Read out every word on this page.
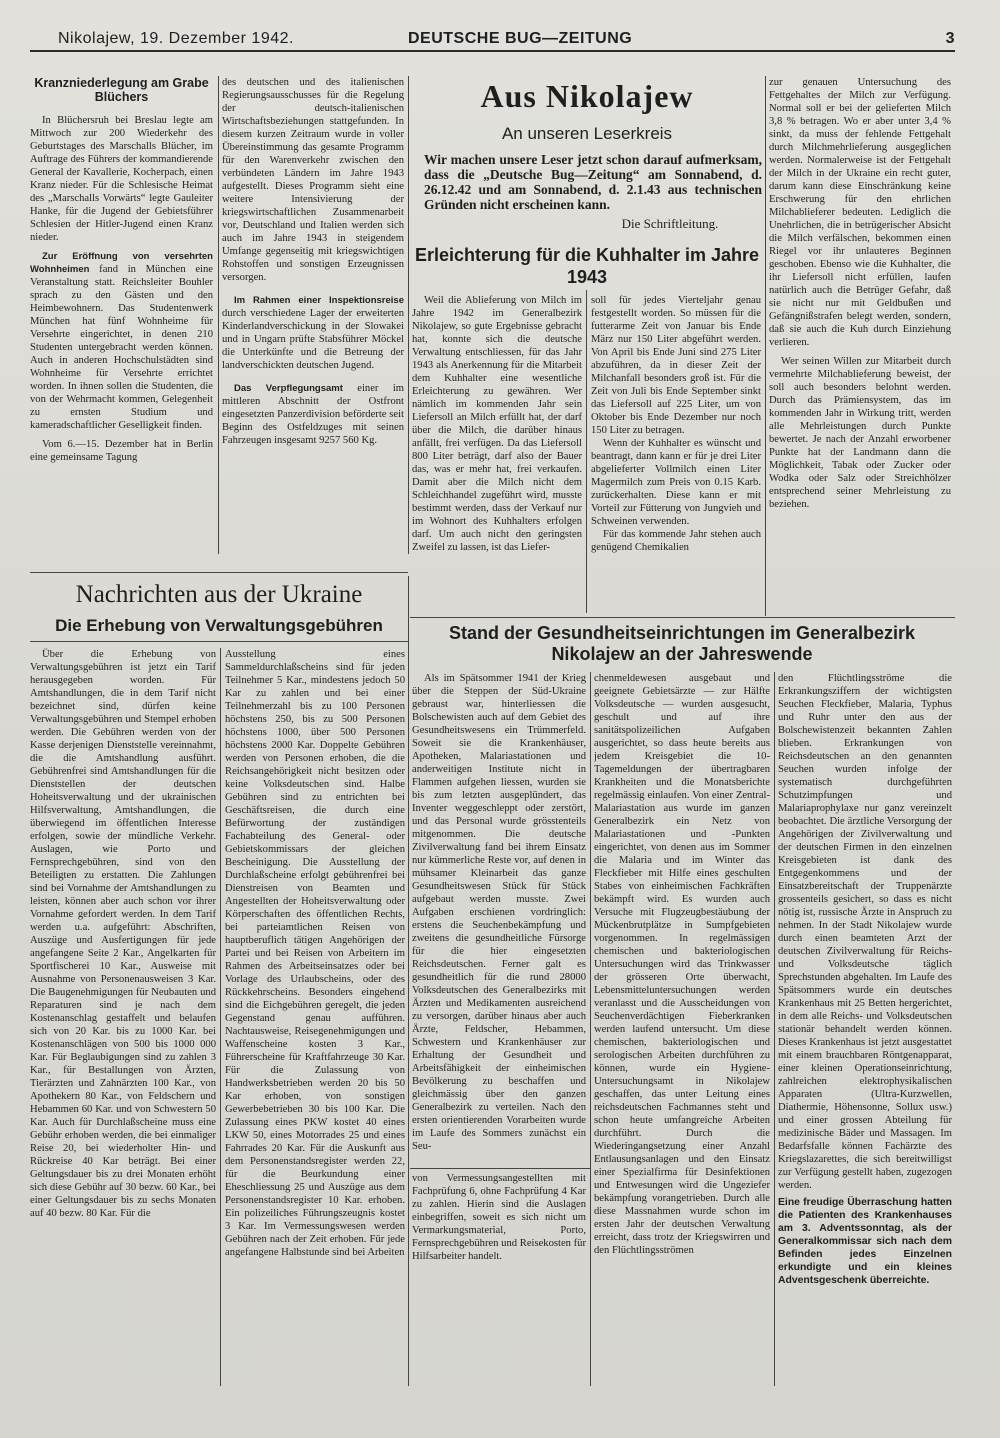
Nikolajew, 19. Dezember 1942.	DEUTSCHE BUG—ZEITUNG	3
Kranzniederlegung am Grabe Blüchers

In Blüchersruh bei Breslau legte am Mittwoch zur 200 Wiederkehr des Geburtstages des Marschalls Blücher, im Auftrage des Führers der kommandierende General der Kavallerie, Kocherpach, einen Kranz nieder. Für die Schlesische Heimat des „Marschalls Vorwärts“ legte Gauleiter Hanke, für die Jugend der Gebietsführer Schlesien der Hitler-Jugend einen Kranz nieder.

Zur Eröffnung von versehrten Wohnheimen fand in München eine Veranstaltung statt. Reichsleiter Bouhler sprach zu den Gästen und den Heimbewohnern. Das Studentenwerk München hat fünf Wohnheime für Versehrte eingerichtet, in denen 210 Studenten untergebracht werden können. Auch in anderen Hochschulstädten sind Wohnheime für Versehrte errichtet worden. In ihnen sollen die Studenten, die von der Wehrmacht kommen, Gelegenheit zu ernsten Studium und kameradschaftlicher Geselligkeit finden.

Vom 6.—15. Dezember hat in Berlin eine gemeinsame Tagung

des deutschen und des italienischen Regierungsausschusses für die Regelung der deutsch-italienischen Wirtschaftsbeziehungen stattgefunden. In diesem kurzen Zeitraum wurde in voller Übereinstimmung das gesamte Programm für den Warenverkehr zwischen den verbündeten Ländern im Jahre 1943 aufgestellt. Dieses Programm sieht eine weitere Intensivierung der kriegswirtschaftlichen Zusammenarbeit vor, Deutschland und Italien werden sich auch im Jahre 1943 in steigendem Umfange gegenseitig mit kriegswichtigen Rohstoffen und sonstigen Erzeugnissen versorgen.

Im Rahmen einer Inspektionsreise durch verschiedene Lager der erweiterten Kinderlandverschickung in der Slowakei und in Ungarn prüfte Stabsführer Möckel die Unterkünfte und die Betreung der landverschickten deutschen Jugend.

Das Verpflegungsamt einer im mittleren Abschnitt der Ostfront eingesetzten Panzerdivision beförderte seit Beginn des Ostfeldzuges mit seinen Fahrzeugen insgesamt 9257 560 Kg.

Aus Nikolajew
An unseren Leserkreis
Wir machen unsere Leser jetzt schon darauf aufmerksam, dass die „Deutsche Bug—Zeitung“ am Sonnabend, d. 26.12.42 und am Sonnabend, d. 2.1.43 aus technischen Gründen nicht erscheinen kann.
Die Schriftleitung.
Erleichterung für die Kuhhalter im Jahre 1943

Weil die Ablieferung von Milch im Jahre 1942 im Generalbezirk Nikolajew, so gute Ergebnisse gebracht hat, konnte sich die deutsche Verwaltung entschliessen, für das Jahr 1943 als Anerkennung für die Mitarbeit dem Kuhhalter eine wesentliche Erleichterung zu gewähren. Wer nämlich im kommenden Jahr sein Liefersoll an Milch erfüllt hat, der darf über die Milch, die darüber hinaus anfällt, frei verfügen. Da das Liefersoll 800 Liter beträgt, darf also der Bauer das, was er mehr hat, frei verkaufen. Damit aber die Milch nicht dem Schleichhandel zugeführt wird, musste bestimmt werden, dass der Verkauf nur im Wohnort des Kuhhalters erfolgen darf. Um auch nicht den geringsten Zweifel zu lassen, ist das Liefer-

soll für jedes Vierteljahr genau festgestellt worden. So müssen für die futterarme Zeit von Januar bis Ende März nur 150 Liter abgeführt werden. Von April bis Ende Juni sind 275 Liter abzuführen, da in dieser Zeit der Milchanfall besonders groß ist. Für die Zeit von Juli bis Ende September sinkt das Liefersoll auf 225 Liter, um von Oktober bis Ende Dezember nur noch 150 Liter zu betragen.

Wenn der Kuhhalter es wünscht und beantragt, dann kann er für je drei Liter abgelieferter Vollmilch einen Liter Magermilch zum Preis von 0.15 Karb. zurückerhalten. Diese kann er mit Vorteil zur Fütterung von Jungvieh und Schweinen verwenden.

Für das kommende Jahr stehen auch genügend Chemikalien

zur genauen Untersuchung des Fettgehaltes der Milch zur Verfügung. Normal soll er bei der gelieferten Milch 3,8 % betragen. Wo er aber unter 3,4 % sinkt, da muss der fehlende Fettgehalt durch Milchmehrlieferung ausgeglichen werden. Normalerweise ist der Fettgehalt der Milch in der Ukraine ein recht guter, darum kann diese Einschränkung keine Erschwerung für den ehrlichen Milchablieferer bedeuten. Lediglich die Unehrlichen, die in betrügerischer Absicht die Milch verfälschen, bekommen einen Riegel vor ihr unlauteres Beginnen geschoben. Ebenso wie die Kuhhalter, die ihr Liefersoll nicht erfüllen, laufen natürlich auch die Betrüger Gefahr, daß sie nicht nur mit Geldbußen und Gefängnißstrafen belegt werden, sondern, daß sie auch die Kuh durch Einziehung verlieren.

Wer seinen Willen zur Mitarbeit durch vermehrte Milchablieferung beweist, der soll auch besonders belohnt werden. Durch das Prämiensystem, das im kommenden Jahr in Wirkung tritt, werden alle Mehrleistungen durch Punkte bewertet. Je nach der Anzahl erworbener Punkte hat der Landmann dann die Möglichkeit, Tabak oder Zucker oder Wodka oder Salz oder Streichhölzer entsprechend seiner Mehrleistung zu beziehen.

Nachrichten aus der Ukraine
Die Erhebung von Verwaltungsgebühren

Über die Erhebung von Verwaltungsgebühren ist jetzt ein Tarif herausgegeben worden. Für Amtshandlungen, die in dem Tarif nicht bezeichnet sind, dürfen keine Verwaltungsgebühren und Stempel erhoben werden. Die Gebühren werden von der Kasse derjenigen Dienststelle vereinnahmt, die die Amtshandlung ausführt. Gebührenfrei sind Amtshandlungen für die Dienststellen der deutschen Hoheitsverwaltung und der ukrainischen Hilfsverwaltung, Amtshandlungen, die überwiegend im öffentlichen Interesse erfolgen, sowie der mündliche Verkehr. Auslagen, wie Porto und Fernsprechgebühren, sind von den Beteiligten zu erstatten. Die Zahlungen sind bei Vornahme der Amtshandlungen zu leisten, können aber auch schon vor ihrer Vornahme gefordert werden. In dem Tarif werden u.a. aufgeführt: Abschriften, Auszüge und Ausfertigungen für jede angefangene Seite 2 Kar., Angelkarten für Sportfischerei 10 Kar., Ausweise mit Ausnahme von Personenausweisen 3 Kar. Die Baugenehmigungen für Neubauten und Reparaturen sind je nach dem Kostenanschlag gestaffelt und belaufen sich von 20 Kar. bis zu 1000 Kar. bei Kostenanschlägen von 500 bis 1000 000 Kar. Für Beglaubigungen sind zu zahlen 3 Kar., für Bestallungen von Ärzten, Tierärzten und Zahnärzten 100 Kar., von Apothekern 80 Kar., von Feldschern und Hebammen 60 Kar. und von Schwestern 50 Kar. Auch für Durchlaßscheine muss eine Gebühr erhoben werden, die bei einmaliger Reise 20, bei wiederholter Hin- und Rückreise 40 Kar beträgt. Bei einer Geltungsdauer bis zu drei Monaten erhöht sich diese Gebühr auf 30 bezw. 60 Kar., bei einer Geltungsdauer bis zu sechs Monaten auf 40 bezw. 80 Kar. Für die

Ausstellung eines Sammeldurchlaßscheins sind für jeden Teilnehmer 5 Kar., mindestens jedoch 50 Kar zu zahlen und bei einer Teilnehmerzahl bis zu 100 Personen höchstens 250, bis zu 500 Personen höchstens 1000, über 500 Personen höchstens 2000 Kar. Doppelte Gebühren werden von Personen erhoben, die die Reichsangehörigkeit nicht besitzen oder keine Volksdeutschen sind. Halbe Gebühren sind zu entrichten bei Geschäftsreisen, die durch eine Befürwortung der zuständigen Fachabteilung des General- oder Gebietskommissars der gleichen Bescheinigung. Die Ausstellung der Durchlaßscheine erfolgt gebührenfrei bei Dienstreisen von Beamten und Angestellten der Hoheitsverwaltung oder Körperschaften des öffentlichen Rechts, bei parteiamtlichen Reisen von hauptberuflich tätigen Angehörigen der Partei und bei Reisen von Arbeitern im Rahmen des Arbeitseinsatzes oder bei Vorlage des Urlaubscheins, oder des Rückkehrscheins. Besonders eingehend sind die Eichgebühren geregelt, die jeden Gegenstand genau aufführen. Nachtausweise, Reisegenehmigungen und Waffenscheine kosten 3 Kar., Führerscheine für Kraftfahrzeuge 30 Kar. Für die Zulassung von Handwerksbetrieben werden 20 bis 50 Kar erhoben, von sonstigen Gewerbebetrieben 30 bis 100 Kar. Die Zulassung eines PKW kostet 40 eines LKW 50, eines Motorrades 25 und eines Fahrrades 20 Kar. Für die Auskunft aus dem Personenstandsregister werden 22, für die Beurkundung einer Eheschliessung 25 und Auszüge aus dem Personenstandsregister 10 Kar. erhoben. Ein polizeiliches Führungszeugnis kostet 3 Kar. Im Vermessungswesen werden Gebühren nach der Zeit erhoben. Für jede angefangene Halbstunde sind bei Arbeiten

Stand der Gesundheitseinrichtungen im Generalbezirk Nikolajew an der Jahreswende

Als im Spätsommer 1941 der Krieg über die Steppen der Süd-Ukraine gebraust war, hinterliessen die Bolschewisten auch auf dem Gebiet des Gesundheitswesens ein Trümmerfeld. Soweit sie die Krankenhäuser, Apotheken, Malariastationen und anderweitigen Institute nicht in Flammen aufgehen liessen, wurden sie bis zum letzten ausgeplündert, das Inventer weggeschleppt oder zerstört, und das Personal wurde grösstenteils mitgenommen. Die deutsche Zivilverwaltung fand bei ihrem Einsatz nur kümmerliche Reste vor, auf denen in mühsamer Kleinarbeit das ganze Gesundheitswesen Stück für Stück aufgebaut werden musste. Zwei Aufgaben erschienen vordringlich: erstens die Seuchenbekämpfung und zweitens die gesundheitliche Fürsorge für die hier eingesetzten Reichsdeutschen. Ferner galt es gesundheitlich für die rund 28000 Volksdeutschen des Generalbezirks mit Ärzten und Medikamenten ausreichend zu versorgen, darüber hinaus aber auch Ärzte, Feldscher, Hebammen, Schwestern und Krankenhäuser zur Erhaltung der Gesundheit und Arbeitsfähigkeit der einheimischen Bevölkerung zu beschaffen und gleichmässig über den ganzen Generalbezirk zu verteilen. Nach den ersten orientierenden Vorarbeiten wurde im Laufe des Sommers zunächst ein Seu-

von Vermessungsangestellten mit Fachprüfung 6, ohne Fachprüfung 4 Kar zu zahlen. Hierin sind die Auslagen einbegriffen, soweit es sich nicht um Vermarkungsmaterial, Porto, Fernsprechgebühren und Reisekosten für Hilfsarbeiter handelt.

chenmeldewesen ausgebaut und geeignete Gebietsärzte — zur Hälfte Volksdeutsche — wurden ausgesucht, geschult und auf ihre sanitätspolizeilichen Aufgaben ausgerichtet, so dass heute bereits aus jedem Kreisgebiet die 10-Tagemeldungen der übertragbaren Krankheiten und die Monatsberichte regelmässig einlaufen. Von einer Zentral-Malariastation aus wurde im ganzen Generalbezirk ein Netz von Malariastationen und -Punkten eingerichtet, von denen aus im Sommer die Malaria und im Winter das Fleckfieber mit Hilfe eines geschulten Stabes von einheimischen Fachkräften bekämpft wird. Es wurden auch Versuche mit Flugzeugbestäubung der Mückenbrutplätze in Sumpfgebieten vorgenommen. In regelmässigen chemischen und bakteriologischen Untersuchungen wird das Trinkwasser der grösseren Orte überwacht, Lebensmitteluntersuchungen werden veranlasst und die Ausscheidungen von Seuchenverdächtigen Fieberkranken werden laufend untersucht. Um diese chemischen, bakteriologischen und serologischen Arbeiten durchführen zu können, wurde ein Hygiene-Untersuchungsamt in Nikolajew geschaffen, das unter Leitung eines reichsdeutschen Fachmannes steht und schon heute umfangreiche Arbeiten durchführt. Durch die Wiederingangsetzung einer Anzahl Entlausungsanlagen und den Einsatz einer Spezialfirma für Desinfektionen und Entwesungen wird die Ungeziefer bekämpfung vorangetrieben. Durch alle diese Massnahmen wurde schon im ersten Jahr der deutschen Verwaltung erreicht, dass trotz der Kriegswirren und den Flüchtlingsströmen

den Flüchtlingsströme die Erkrankungsziffern der wichtigsten Seuchen Fleckfieber, Malaria, Typhus und Ruhr unter den aus der Bolschewistenzeit bekannten Zahlen blieben. Erkrankungen von Reichsdeutschen an den genannten Seuchen wurden infolge der systematisch durchgeführten Schutzimpfungen und Malariaprophylaxe nur ganz vereinzelt beobachtet. Die ärztliche Versorgung der Angehörigen der Zivilverwaltung und der deutschen Firmen in den einzelnen Kreisgebieten ist dank des Entgegenkommens und der Einsatzbereitschaft der Truppenärzte grossenteils gesichert, so dass es nicht nötig ist, russische Ärzte in Anspruch zu nehmen. In der Stadt Nikolajew wurde durch einen beamteten Arzt der deutschen Zivilverwaltung für Reichs- und Volksdeutsche täglich Sprechstunden abgehalten. Im Laufe des Spätsommers wurde ein deutsches Krankenhaus mit 25 Betten hergerichtet, in dem alle Reichs- und Volksdeutschen stationär behandelt werden können. Dieses Krankenhaus ist jetzt ausgestattet mit einem brauchbaren Röntgenapparat, einer kleinen Operationseinrichtung, zahlreichen elektrophysikalischen Apparaten (Ultra-Kurzwellen, Diathermie, Höhensonne, Sollux usw.) und einer grossen Abteilung für medizinische Bäder und Massagen. Im Bedarfsfalle können Fachärzte des Kriegslazarettes, die sich bereitwilligst zur Verfügung gestellt haben, zugezogen werden.

Eine freudige Überraschung hatten die Patienten des Krankenhauses am 3. Adventssonntag, als der Generalkommissar sich nach dem Befinden jedes Einzelnen erkundigte und ein kleines Adventsgeschenk überreichte.
